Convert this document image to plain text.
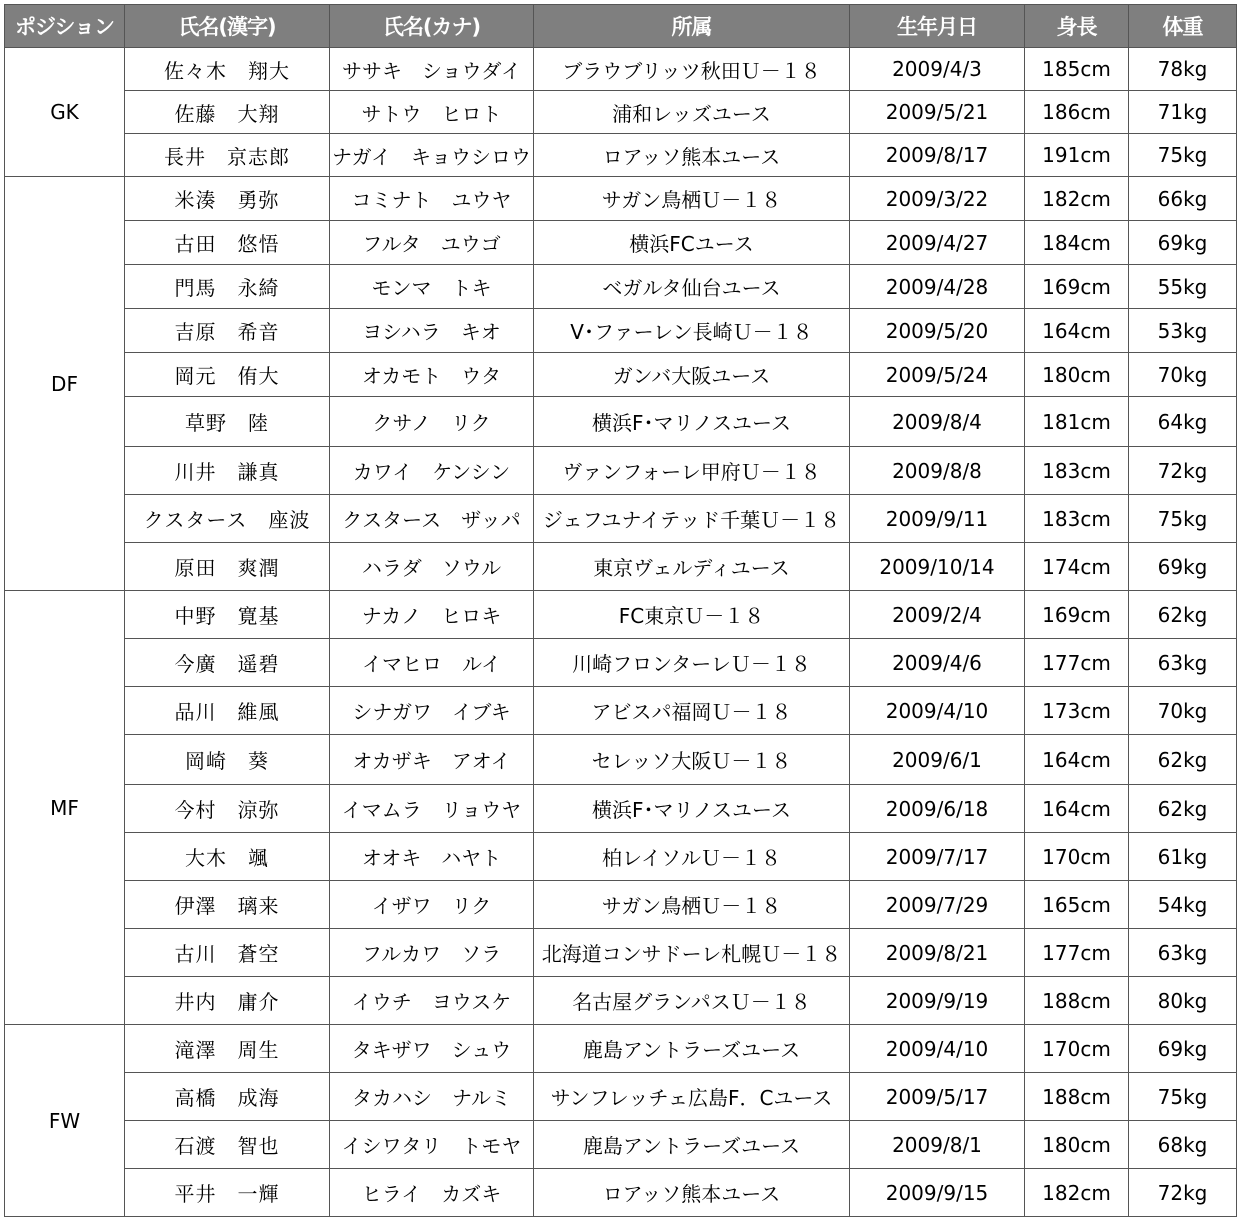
ポジション	氏名(漢字)	氏名(カナ)	所属	生年月日	身長	体重
GK	佐々木　翔大	ササキ　ショウダイ	ブラウブリッツ秋田Ｕ－１８	2009/4/3	185cm	78kg
	佐藤　大翔	サトウ　ヒロト	浦和レッズユース	2009/5/21	186cm	71kg
	長井　京志郎	ナガイ　キョウシロウ	ロアッソ熊本ユース	2009/8/17	191cm	75kg
DF	米湊　勇弥	コミナト　ユウヤ	サガン鳥栖Ｕ－１８	2009/3/22	182cm	66kg
	古田　悠悟	フルタ　ユウゴ	横浜FCユース	2009/4/27	184cm	69kg
	門馬　永綺	モンマ　トキ	ベガルタ仙台ユース	2009/4/28	169cm	55kg
	吉原　希音	ヨシハラ　キオ	V･ファーレン長崎Ｕ－１８	2009/5/20	164cm	53kg
	岡元　侑大	オカモト　ウタ	ガンバ大阪ユース	2009/5/24	180cm	70kg
	草野　陸	クサノ　リク	横浜F･マリノスユース	2009/8/4	181cm	64kg
	川井　謙真	カワイ　ケンシン	ヴァンフォーレ甲府Ｕ－１８	2009/8/8	183cm	72kg
	クスタース　座波	クスタース　ザッパ	ジェフユナイテッド千葉Ｕ－１８	2009/9/11	183cm	75kg
	原田　爽潤	ハラダ　ソウル	東京ヴェルディユース	2009/10/14	174cm	69kg
MF	中野　寛基	ナカノ　ヒロキ	FC東京Ｕ－１８	2009/2/4	169cm	62kg
	今廣　遥碧	イマヒロ　ルイ	川崎フロンターレＵ－１８	2009/4/6	177cm	63kg
	品川　維風	シナガワ　イブキ	アビスパ福岡Ｕ－１８	2009/4/10	173cm	70kg
	岡崎　葵	オカザキ　アオイ	セレッソ大阪Ｕ－１８	2009/6/1	164cm	62kg
	今村　涼弥	イマムラ　リョウヤ	横浜F･マリノスユース	2009/6/18	164cm	62kg
	大木　颯	オオキ　ハヤト	柏レイソルＵ－１８	2009/7/17	170cm	61kg
	伊澤　璃来	イザワ　リク	サガン鳥栖Ｕ－１８	2009/7/29	165cm	54kg
	古川　蒼空	フルカワ　ソラ	北海道コンサドーレ札幌Ｕ－１８	2009/8/21	177cm	63kg
	井内　庸介	イウチ　ヨウスケ	名古屋グランパスＵ－１８	2009/9/19	188cm	80kg
FW	滝澤　周生	タキザワ　シュウ	鹿島アントラーズユース	2009/4/10	170cm	69kg
	高橋　成海	タカハシ　ナルミ	サンフレッチェ広島F．Cユース	2009/5/17	188cm	75kg
	石渡　智也	イシワタリ　トモヤ	鹿島アントラーズユース	2009/8/1	180cm	68kg
	平井　一輝	ヒライ　カズキ	ロアッソ熊本ユース	2009/9/15	182cm	72kg
